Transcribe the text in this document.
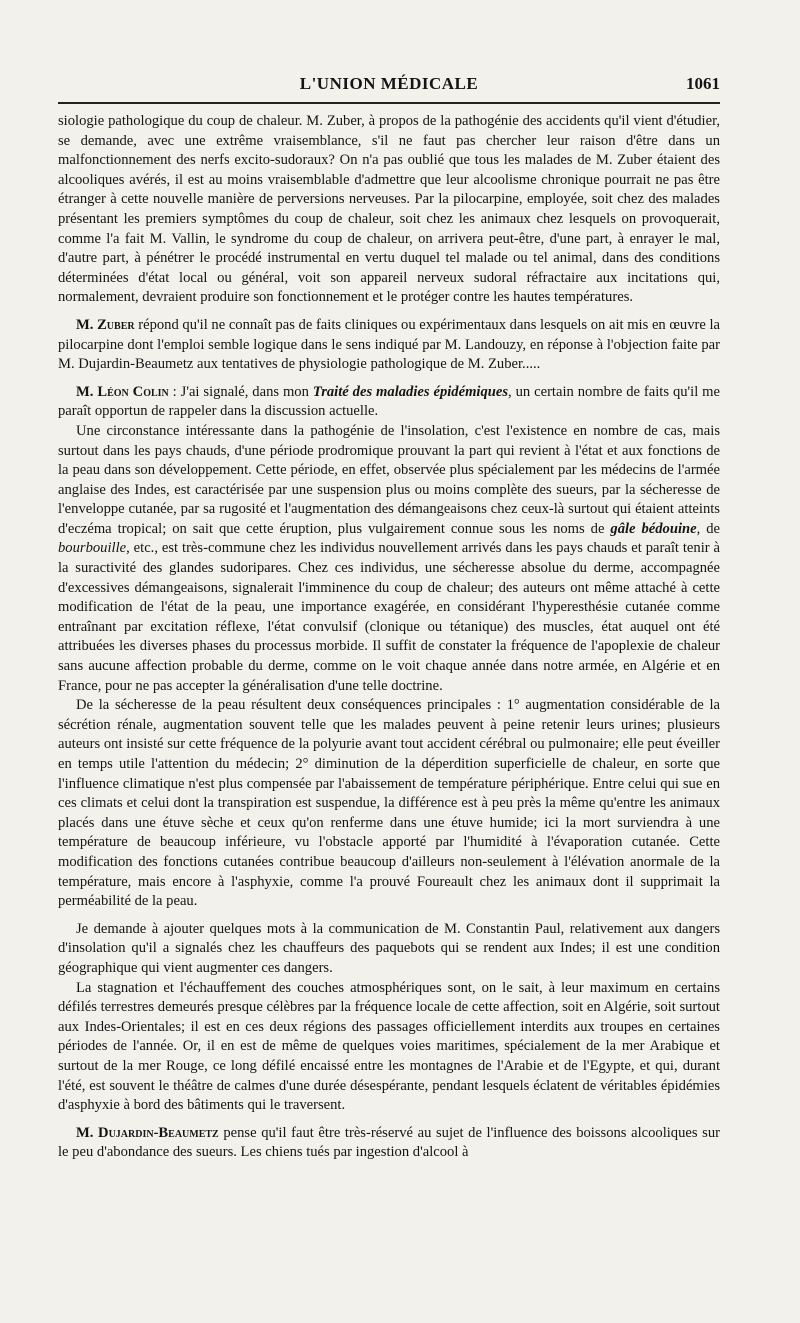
L'UNION MÉDICALE	1061

siologie pathologique du coup de chaleur. M. Zuber, à propos de la pathogénie des accidents qu'il vient d'étudier, se demande, avec une extrême vraisemblance, s'il ne faut pas chercher leur raison d'être dans un malfonctionnement des nerfs excito-sudoraux? On n'a pas oublié que tous les malades de M. Zuber étaient des alcooliques avérés, il est au moins vraisemblable d'admettre que leur alcoolisme chronique pourrait ne pas être étranger à cette nouvelle manière de perversions nerveuses. Par la pilocarpine, employée, soit chez des malades présentant les premiers symptômes du coup de chaleur, soit chez les animaux chez lesquels on provoquerait, comme l'a fait M. Vallin, le syndrome du coup de chaleur, on arrivera peut-être, d'une part, à enrayer le mal, d'autre part, à pénétrer le procédé instrumental en vertu duquel tel malade ou tel animal, dans des conditions déterminées d'état local ou général, voit son appareil nerveux sudoral réfractaire aux incitations qui, normalement, devraient produire son fonctionnement et le protéger contre les hautes températures.

M. Zuber répond qu'il ne connaît pas de faits cliniques ou expérimentaux dans lesquels on ait mis en œuvre la pilocarpine dont l'emploi semble logique dans le sens indiqué par M. Landouzy, en réponse à l'objection faite par M. Dujardin-Beaumetz aux tentatives de physiologie pathologique de M. Zuber.....

M. Léon Colin : J'ai signalé, dans mon Traité des maladies épidémiques, un certain nombre de faits qu'il me paraît opportun de rappeler dans la discussion actuelle.

Une circonstance intéressante dans la pathogénie de l'insolation, c'est l'existence en nombre de cas, mais surtout dans les pays chauds, d'une période prodromique prouvant la part qui revient à l'état et aux fonctions de la peau dans son développement. Cette période, en effet, observée plus spécialement par les médecins de l'armée anglaise des Indes, est caractérisée par une suspension plus ou moins complète des sueurs, par la sécheresse de l'enveloppe cutanée, par sa rugosité et l'augmentation des démangeaisons chez ceux-là surtout qui étaient atteints d'eczéma tropical; on sait que cette éruption, plus vulgairement connue sous les noms de gâle bédouine, de bourbouille, etc., est très-commune chez les individus nouvellement arrivés dans les pays chauds et paraît tenir à la suractivité des glandes sudoripares. Chez ces individus, une sécheresse absolue du derme, accompagnée d'excessives démangeaisons, signalerait l'imminence du coup de chaleur; des auteurs ont même attaché à cette modification de l'état de la peau, une importance exagérée, en considérant l'hyperesthésie cutanée comme entraînant par excitation réflexe, l'état convulsif (clonique ou tétanique) des muscles, état auquel ont été attribuées les diverses phases du processus morbide. Il suffit de constater la fréquence de l'apoplexie de chaleur sans aucune affection probable du derme, comme on le voit chaque année dans notre armée, en Algérie et en France, pour ne pas accepter la généralisation d'une telle doctrine.

De la sécheresse de la peau résultent deux conséquences principales : 1° augmentation considérable de la sécrétion rénale, augmentation souvent telle que les malades peuvent à peine retenir leurs urines; plusieurs auteurs ont insisté sur cette fréquence de la polyurie avant tout accident cérébral ou pulmonaire; elle peut éveiller en temps utile l'attention du médecin; 2° diminution de la déperdition superficielle de chaleur, en sorte que l'influence climatique n'est plus compensée par l'abaissement de température périphérique. Entre celui qui sue en ces climats et celui dont la transpiration est suspendue, la différence est à peu près la même qu'entre les animaux placés dans une étuve sèche et ceux qu'on renferme dans une étuve humide; ici la mort surviendra à une température de beaucoup inférieure, vu l'obstacle apporté par l'humidité à l'évaporation cutanée. Cette modification des fonctions cutanées contribue beaucoup d'ailleurs non-seulement à l'élévation anormale de la température, mais encore à l'asphyxie, comme l'a prouvé Foureault chez les animaux dont il supprimait la perméabilité de la peau.

Je demande à ajouter quelques mots à la communication de M. Constantin Paul, relativement aux dangers d'insolation qu'il a signalés chez les chauffeurs des paquebots qui se rendent aux Indes; il est une condition géographique qui vient augmenter ces dangers.

La stagnation et l'échauffement des couches atmosphériques sont, on le sait, à leur maximum en certains défilés terrestres demeurés presque célèbres par la fréquence locale de cette affection, soit en Algérie, soit surtout aux Indes-Orientales; il est en ces deux régions des passages officiellement interdits aux troupes en certaines périodes de l'année. Or, il en est de même de quelques voies maritimes, spécialement de la mer Arabique et surtout de la mer Rouge, ce long défilé encaissé entre les montagnes de l'Arabie et de l'Egypte, et qui, durant l'été, est souvent le théâtre de calmes d'une durée désespérante, pendant lesquels éclatent de véritables épidémies d'asphyxie à bord des bâtiments qui le traversent.

M. Dujardin-Beaumetz pense qu'il faut être très-réservé au sujet de l'influence des boissons alcooliques sur le peu d'abondance des sueurs. Les chiens tués par ingestion d'alcool à
